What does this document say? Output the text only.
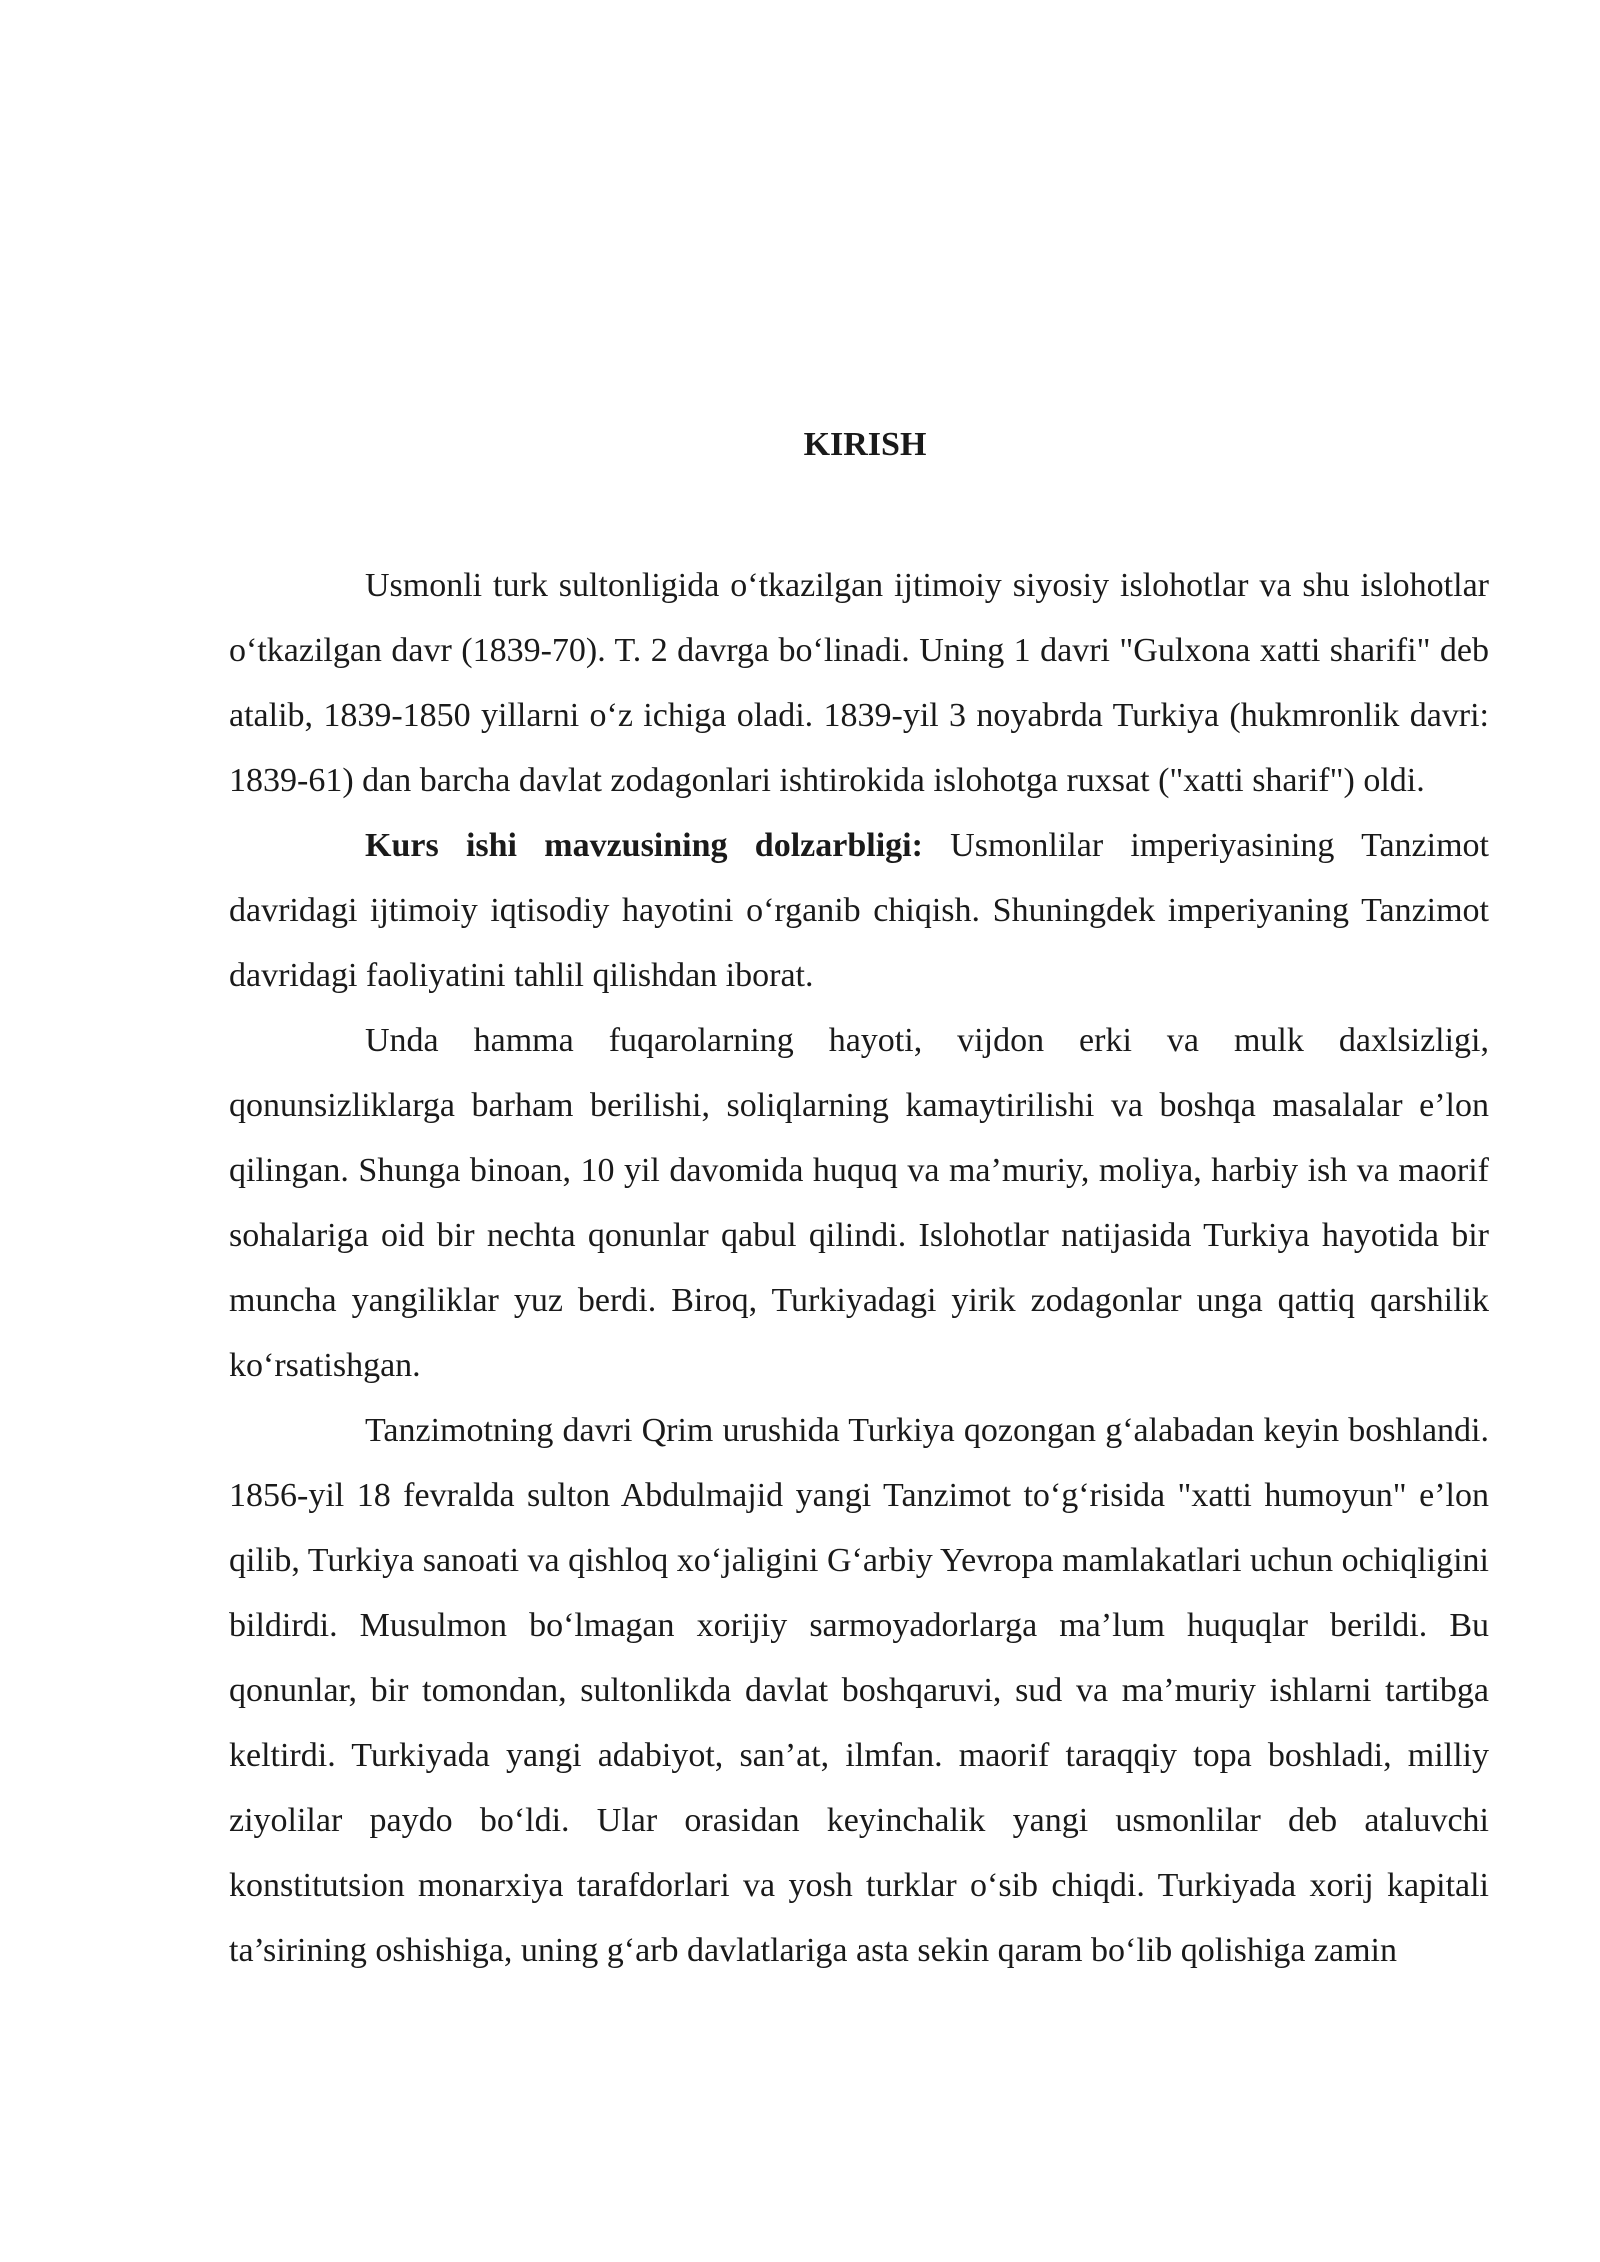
KIRISH

Usmonli turk sultonligida o‘tkazilgan ijtimoiy siyosiy islohotlar va shu islohotlar o‘tkazilgan davr (1839-70). T. 2 davrga bo‘linadi. Uning 1 davri "Gulxona xatti sharifi" deb atalib, 1839-1850 yillarni o‘z ichiga oladi. 1839-yil 3 noyabrda Turkiya (hukmronlik davri: 1839-61) dan barcha davlat zodagonlari ishtirokida islohotga ruxsat ("xatti sharif") oldi.

Kurs ishi mavzusining dolzarbligi: Usmonlilar imperiyasining Tanzimot davridagi ijtimoiy iqtisodiy hayotini o‘rganib chiqish. Shuningdek imperiyaning Tanzimot davridagi faoliyatini tahlil qilishdan iborat.

Unda hamma fuqarolarning hayoti, vijdon erki va mulk daxlsizligi, qonunsizliklarga barham berilishi, soliqlarning kamaytirilishi va boshqa masalalar e’lon qilingan. Shunga binoan, 10 yil davomida huquq va ma’muriy, moliya, harbiy ish va maorif sohalariga oid bir nechta qonunlar qabul qilindi. Islohotlar natijasida Turkiya hayotida bir muncha yangiliklar yuz berdi. Biroq, Turkiyadagi yirik zodagonlar unga qattiq qarshilik ko‘rsatishgan.

Tanzimotning davri Qrim urushida Turkiya qozongan g‘alabadan keyin boshlandi. 1856-yil 18 fevralda sulton Abdulmajid yangi Tanzimot to‘g‘risida "xatti humoyun" e’lon qilib, Turkiya sanoati va qishloq xo‘jaligini G‘arbiy Yevropa mamlakatlari uchun ochiqligini bildirdi. Musulmon bo‘lmagan xorijiy sarmoyadorlarga ma’lum huquqlar berildi. Bu qonunlar, bir tomondan, sultonlikda davlat boshqaruvi, sud va ma’muriy ishlarni tartibga keltirdi. Turkiyada yangi adabiyot, san’at, ilmfan. maorif taraqqiy topa boshladi, milliy ziyolilar paydo bo‘ldi. Ular orasidan keyinchalik yangi usmonlilar deb ataluvchi konstitutsion monarxiya tarafdorlari va yosh turklar o‘sib chiqdi. Turkiyada xorij kapitali ta’sirining oshishiga, uning g‘arb davlatlariga asta sekin qaram bo‘lib qolishiga zamin
